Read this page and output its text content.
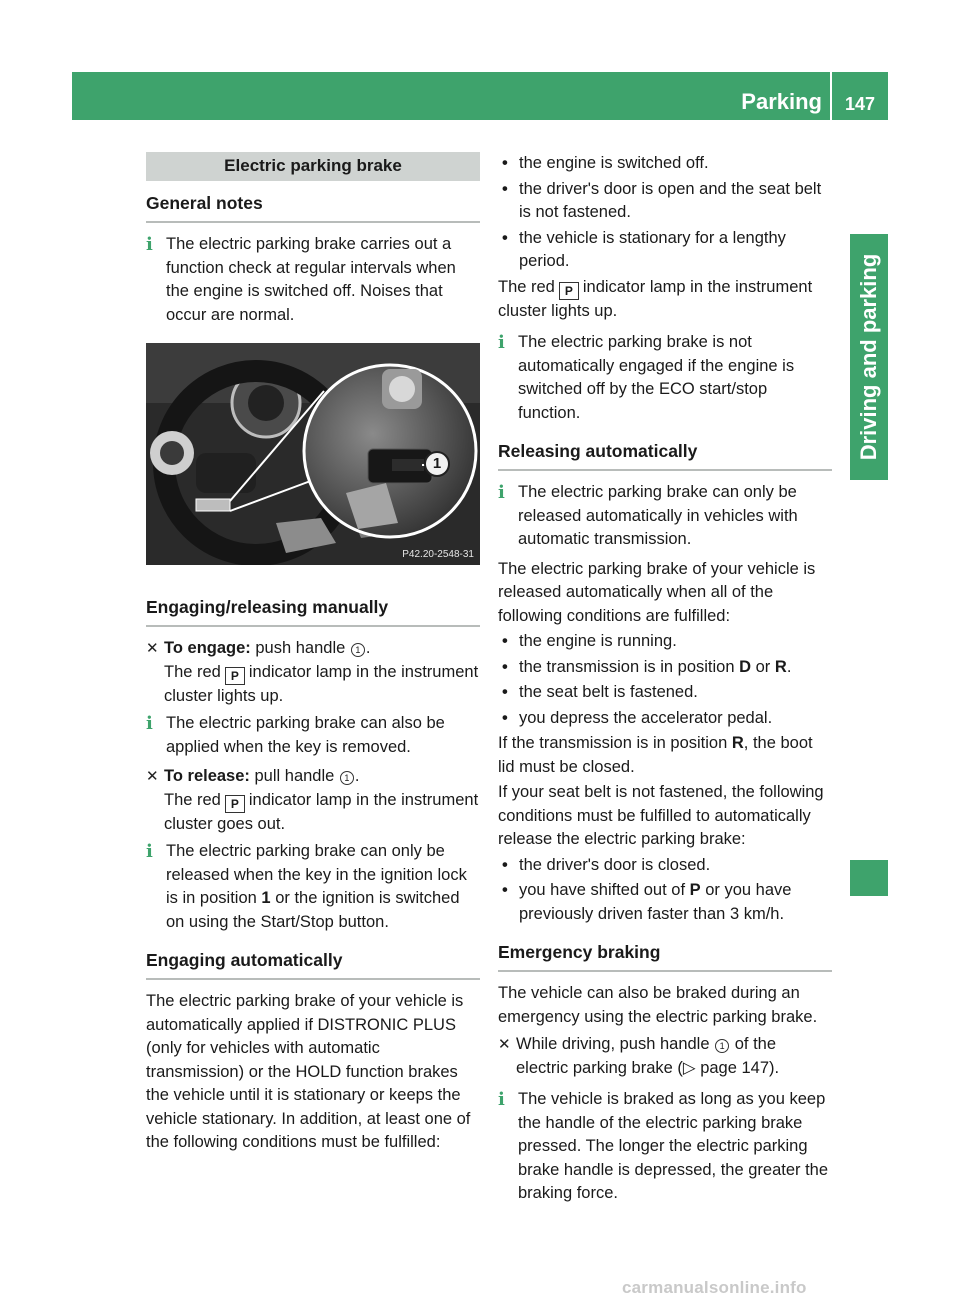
Parking	147
Driving and parking
Electric parking brake
General notes
i The electric parking brake carries out a function check at regular intervals when the engine is switched off. Noises that occur are normal.
1
P42.20-2548-31
Engaging/releasing manually
✕ To engage: push handle 1 .
The red P indicator lamp in the instrument cluster lights up.
i The electric parking brake can also be applied when the key is removed.
✕ To release: pull handle 1 .
The red P indicator lamp in the instrument cluster goes out.
i The electric parking brake can only be released when the key in the ignition lock is in position 1 or the ignition is switched on using the Start/Stop button.
Engaging automatically

The electric parking brake of your vehicle is automatically applied if DISTRONIC PLUS (only for vehicles with automatic transmission) or the HOLD function brakes the vehicle until it is stationary or keeps the vehicle stationary. In addition, at least one of the following conditions must be fulfilled:

• the engine is switched off.
• the driver's door is open and the seat belt is not fastened.
• the vehicle is stationary for a lengthy period.

The red P indicator lamp in the instrument cluster lights up.

i The electric parking brake is not automatically engaged if the engine is switched off by the ECO start/stop function.
Releasing automatically
i The electric parking brake can only be released automatically in vehicles with automatic transmission.

The electric parking brake of your vehicle is released automatically when all of the following conditions are fulfilled:

• the engine is running.
• the transmission is in position D or R.
• the seat belt is fastened.
• you depress the accelerator pedal.

If the transmission is in position R, the boot lid must be closed.

If your seat belt is not fastened, the following conditions must be fulfilled to automatically release the electric parking brake:

• the driver's door is closed.
• you have shifted out of P or you have previously driven faster than 3 km/h.
Emergency braking

The vehicle can also be braked during an emergency using the electric parking brake.

✕ While driving, push handle 1 of the electric parking brake (▷ page 147).
i The vehicle is braked as long as you keep the handle of the electric parking brake pressed. The longer the electric parking brake handle is depressed, the greater the braking force.
carmanualsonline.info
